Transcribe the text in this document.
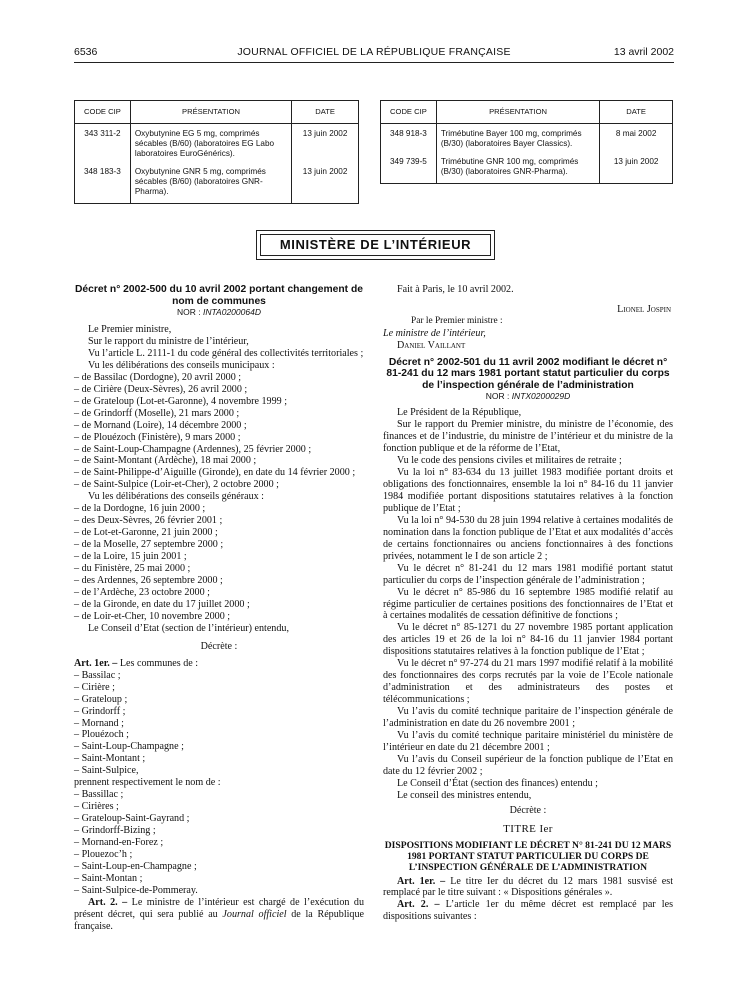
6536	JOURNAL OFFICIEL DE LA RÉPUBLIQUE FRANÇAISE	13 avril 2002
CODE CIP	PRÉSENTATION	DATE
343 311-2	Oxybutynine EG 5 mg, comprimés sécables (B/60) (laboratoires EG Labo laboratoires EuroGénérics).	13 juin 2002
348 183-3	Oxybutynine GNR 5 mg, comprimés sécables (B/60) (laboratoires GNR-Pharma).	13 juin 2002
CODE CIP	PRÉSENTATION	DATE
348 918-3	Trimébutine Bayer 100 mg, comprimés (B/30) (laboratoires Bayer Classics).	8 mai 2002
349 739-5	Trimébutine GNR 100 mg, comprimés (B/30) (laboratoires GNR-Pharma).	13 juin 2002
MINISTÈRE DE L’INTÉRIEUR

Décret n° 2002-500 du 10 avril 2002 portant changement de nom de communes

NOR : INTA0200064D

Le Premier ministre,

Sur le rapport du ministre de l’intérieur,

Vu l’article L. 2111-1 du code général des collectivités territoriales ;

Vu les délibérations des conseils municipaux :

– de Bassilac (Dordogne), 20 avril 2000 ;

– de Cirière (Deux-Sèvres), 26 avril 2000 ;

– de Grateloup (Lot-et-Garonne), 4 novembre 1999 ;

– de Grindorff (Moselle), 21 mars 2000 ;

– de Mornand (Loire), 14 décembre 2000 ;

– de Plouézoch (Finistère), 9 mars 2000 ;

– de Saint-Loup-Champagne (Ardennes), 25 février 2000 ;

– de Saint-Montant (Ardèche), 18 mai 2000 ;

– de Saint-Philippe-d’Aiguille (Gironde), en date du 14 février 2000 ;

– de Saint-Sulpice (Loir-et-Cher), 2 octobre 2000 ;

Vu les délibérations des conseils généraux :

– de la Dordogne, 16 juin 2000 ;

– des Deux-Sèvres, 26 février 2001 ;

– de Lot-et-Garonne, 21 juin 2000 ;

– de la Moselle, 27 septembre 2000 ;

– de la Loire, 15 juin 2001 ;

– du Finistère, 25 mai 2000 ;

– des Ardennes, 26 septembre 2000 ;

– de l’Ardèche, 23 octobre 2000 ;

– de la Gironde, en date du 17 juillet 2000 ;

– de Loir-et-Cher, 10 novembre 2000 ;

Le Conseil d’Etat (section de l’intérieur) entendu,

Décrète :

Art. 1er. – Les communes de :

– Bassilac ;

– Cirière ;

– Grateloup ;

– Grindorff ;

– Mornand ;

– Plouézoch ;

– Saint-Loup-Champagne ;

– Saint-Montant ;

– Saint-Sulpice,

prennent respectivement le nom de :

– Bassillac ;

– Cirières ;

– Grateloup-Saint-Gayrand ;

– Grindorff-Bizing ;

– Mornand-en-Forez ;

– Plouezoc’h ;

– Saint-Loup-en-Champagne ;

– Saint-Montan ;

– Saint-Sulpice-de-Pommeray.

Art. 2. – Le ministre de l’intérieur est chargé de l’exécution du présent décret, qui sera publié au Journal officiel de la République française.

Fait à Paris, le 10 avril 2002.

Lionel Jospin

Par le Premier ministre :

Le ministre de l’intérieur,

Daniel Vaillant

Décret n° 2002-501 du 11 avril 2002 modifiant le décret n° 81-241 du 12 mars 1981 portant statut particulier du corps de l’inspection générale de l’administration

NOR : INTX0200029D

Le Président de la République,

Sur le rapport du Premier ministre, du ministre de l’économie, des finances et de l’industrie, du ministre de l’intérieur et du ministre de la fonction publique et de la réforme de l’Etat,

Vu le code des pensions civiles et militaires de retraite ;

Vu la loi n° 83-634 du 13 juillet 1983 modifiée portant droits et obligations des fonctionnaires, ensemble la loi n° 84-16 du 11 janvier 1984 modifiée portant dispositions statutaires relatives à la fonction publique de l’Etat ;

Vu la loi n° 94-530 du 28 juin 1994 relative à certaines modalités de nomination dans la fonction publique de l’Etat et aux modalités d’accès de certains fonctionnaires ou anciens fonctionnaires à des fonctions privées, notamment le I de son article 2 ;

Vu le décret n° 81-241 du 12 mars 1981 modifié portant statut particulier du corps de l’inspection générale de l’administration ;

Vu le décret n° 85-986 du 16 septembre 1985 modifié relatif au régime particulier de certaines positions des fonctionnaires de l’Etat et à certaines modalités de cessation définitive de fonctions ;

Vu le décret n° 85-1271 du 27 novembre 1985 portant application des articles 19 et 26 de la loi n° 84-16 du 11 janvier 1984 portant dispositions statutaires relatives à la fonction publique de l’Etat ;

Vu le décret n° 97-274 du 21 mars 1997 modifié relatif à la mobilité des fonctionnaires des corps recrutés par la voie de l’Ecole nationale d’administration et des administrateurs des postes et télécommunications ;

Vu l’avis du comité technique paritaire de l’inspection générale de l’administration en date du 26 novembre 2001 ;

Vu l’avis du comité technique paritaire ministériel du ministère de l’intérieur en date du 21 décembre 2001 ;

Vu l’avis du Conseil supérieur de la fonction publique de l’Etat en date du 12 février 2002 ;

Le Conseil d’État (section des finances) entendu ;

Le conseil des ministres entendu,

Décrète :

TITRE Ier

DISPOSITIONS MODIFIANT LE DÉCRET N° 81-241 DU 12 MARS 1981 PORTANT STATUT PARTICULIER DU CORPS DE L’INSPECTION GÉNÉRALE DE L’ADMINISTRATION

Art. 1er. – Le titre Ier du décret du 12 mars 1981 susvisé est remplacé par le titre suivant : « Dispositions générales ».

Art. 2. – L’article 1er du même décret est remplacé par les dispositions suivantes :
